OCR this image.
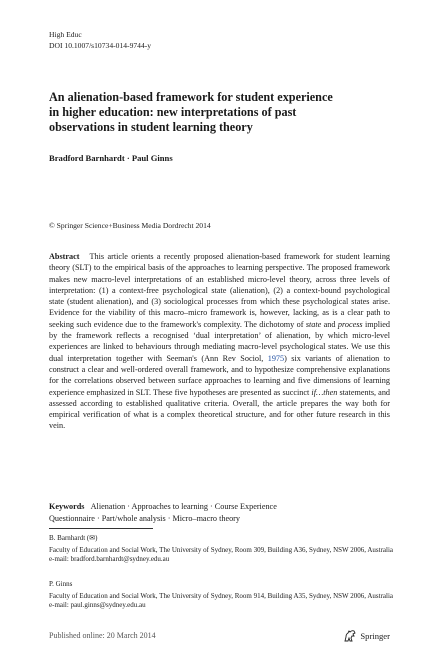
High Educ
DOI 10.1007/s10734-014-9744-y
An alienation-based framework for student experience
in higher education: new interpretations of past
observations in student learning theory
Bradford Barnhardt · Paul Ginns
© Springer Science+Business Media Dordrecht 2014

Abstract This article orients a recently proposed alienation-based framework for student learning theory (SLT) to the empirical basis of the approaches to learning perspective. The proposed framework makes new macro-level interpretations of an established micro-level theory, across three levels of interpretation: (1) a context-free psychological state (alienation), (2) a context-bound psychological state (student alienation), and (3) sociological processes from which these psychological states arise. Evidence for the viability of this macro–micro framework is, however, lacking, as is a clear path to seeking such evidence due to the framework's complexity. The dichotomy of state and process implied by the framework reflects a recognised ‘dual interpretation’ of alienation, by which micro-level experiences are linked to behaviours through mediating macro-level psychological states. We use this dual interpretation together with Seeman's (Ann Rev Sociol, 1975) six variants of alienation to construct a clear and well-ordered overall framework, and to hypothesize comprehensive explanations for the correlations observed between surface approaches to learning and five dimensions of learning experience emphasized in SLT. These five hypotheses are presented as succinct if…then statements, and assessed according to established qualitative criteria. Overall, the article prepares the way both for empirical verification of what is a complex theoretical structure, and for other future research in this vein.

Keywords Alienation · Approaches to learning · Course Experience
Questionnaire · Part/whole analysis · Micro–macro theory
B. Barnhardt (✉)
Faculty of Education and Social Work, The University of Sydney, Room 309, Building A36, Sydney, NSW 2006, Australia
e-mail: bradford.barnhardt@sydney.edu.au
P. Ginns
Faculty of Education and Social Work, The University of Sydney, Room 914, Building A35, Sydney, NSW 2006, Australia
e-mail: paul.ginns@sydney.edu.au
Published online: 20 March 2014	Springer
